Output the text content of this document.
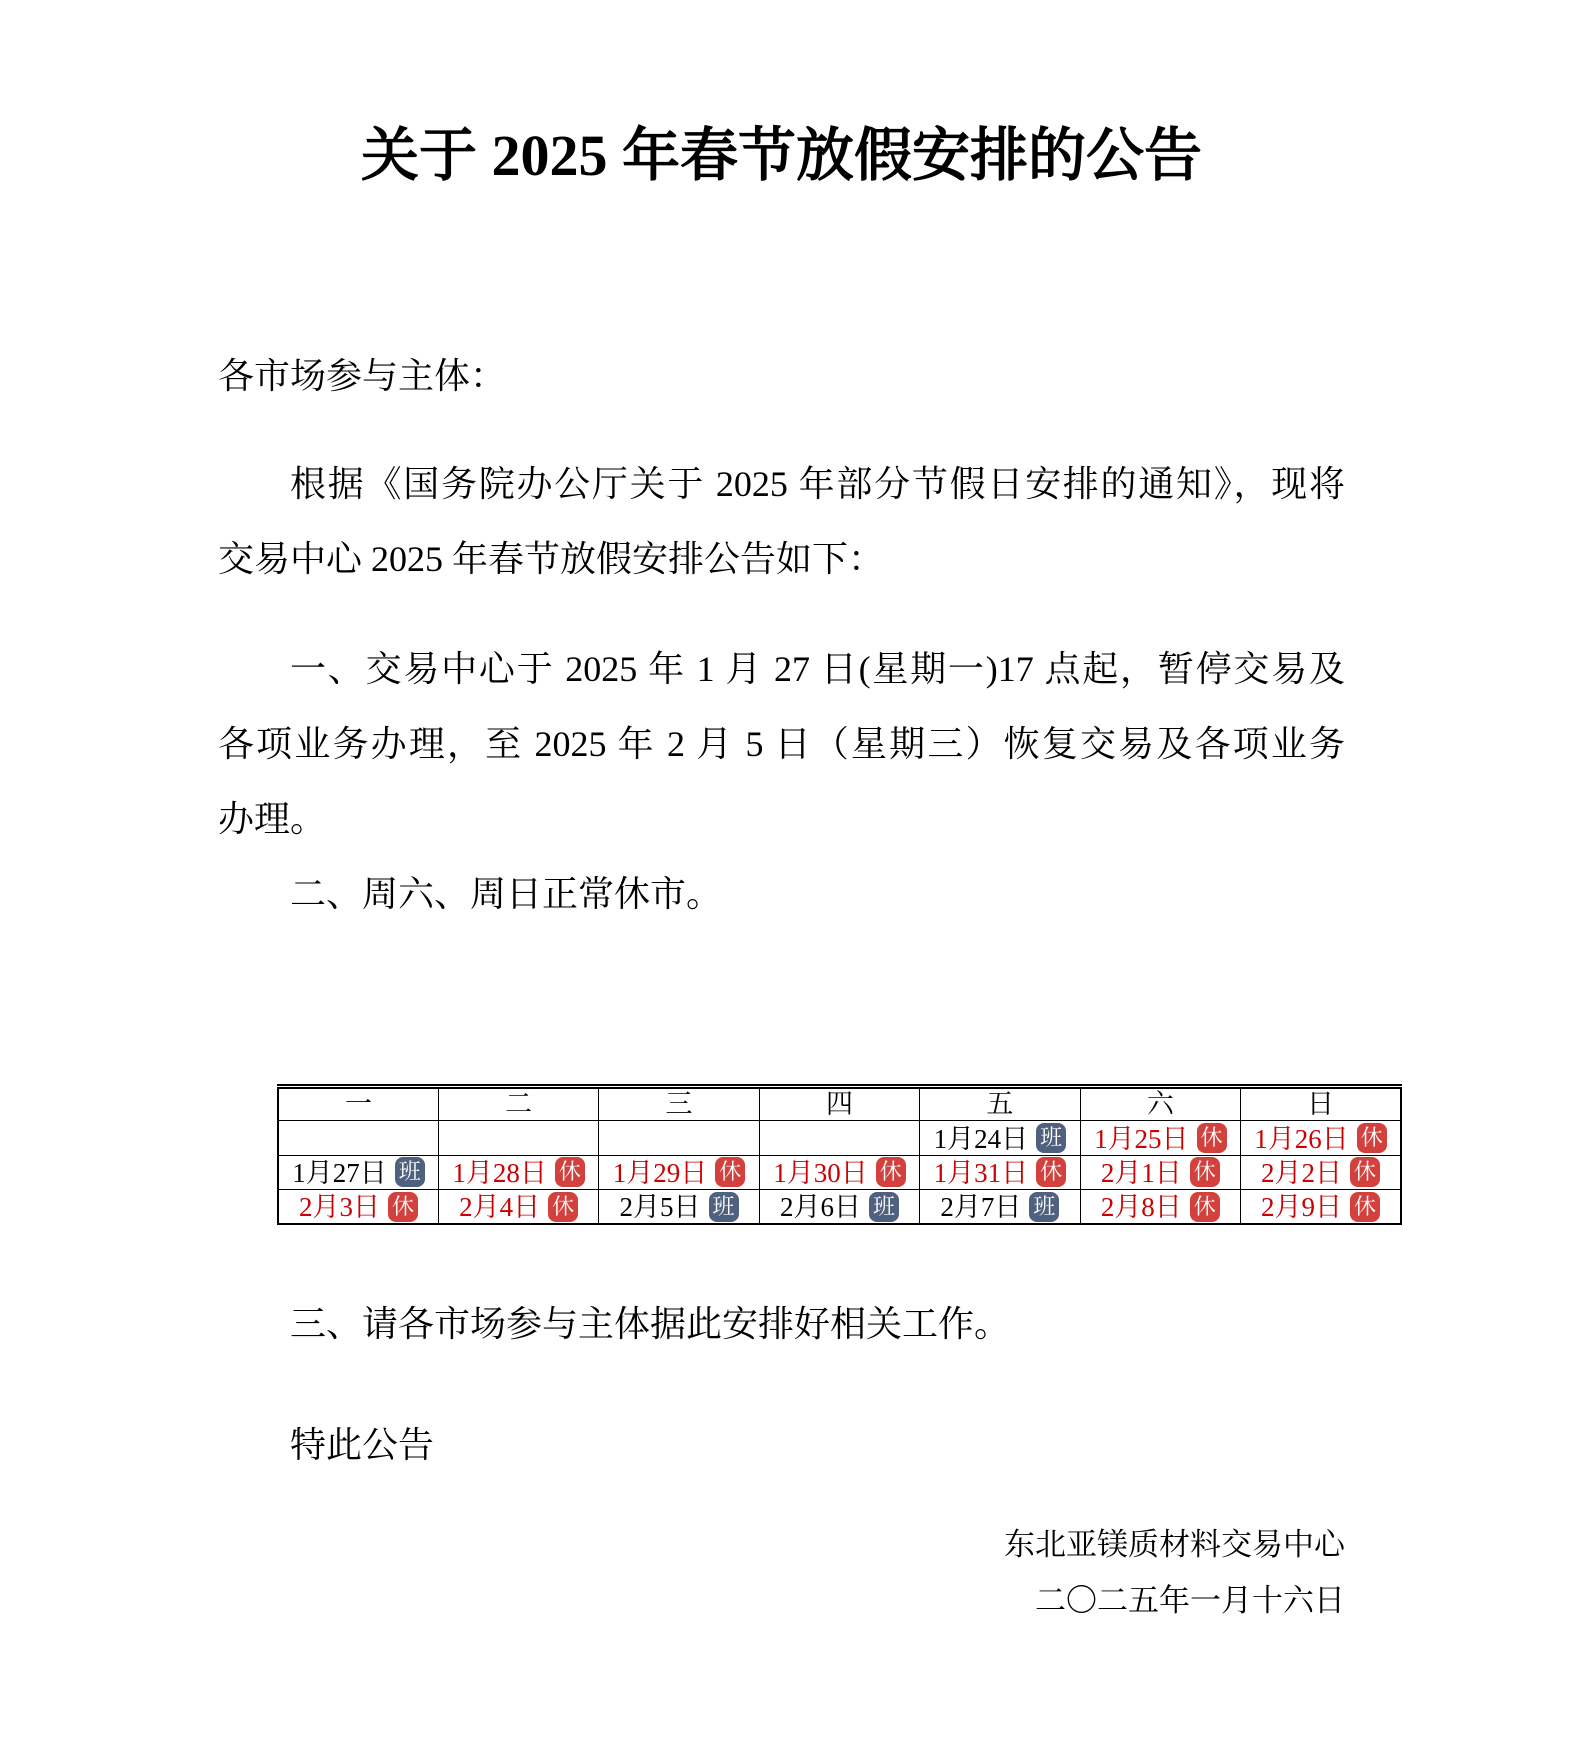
关于 2025 年春节放假安排的公告
各市场参与主体：
根据《国务院办公厅关于 2025 年部分节假日安排的通知》，现将
交易中心 2025 年春节放假安排公告如下：
一、交易中心于 2025 年 1 月 27 日(星期一)17 点起，暂停交易及
各项业务办理，至 2025 年 2 月 5 日（星期三）恢复交易及各项业务
办理。
二、周六、周日正常休市。
一	二	三	四	五	六	日
				1月24日 班	1月25日 休	1月26日 休
1月27日 班	1月28日 休	1月29日 休	1月30日 休	1月31日 休	2月1日 休	2月2日 休
2月3日 休	2月4日 休	2月5日 班	2月6日 班	2月7日 班	2月8日 休	2月9日 休
三、请各市场参与主体据此安排好相关工作。
特此公告
东北亚镁质材料交易中心
二〇二五年一月十六日
